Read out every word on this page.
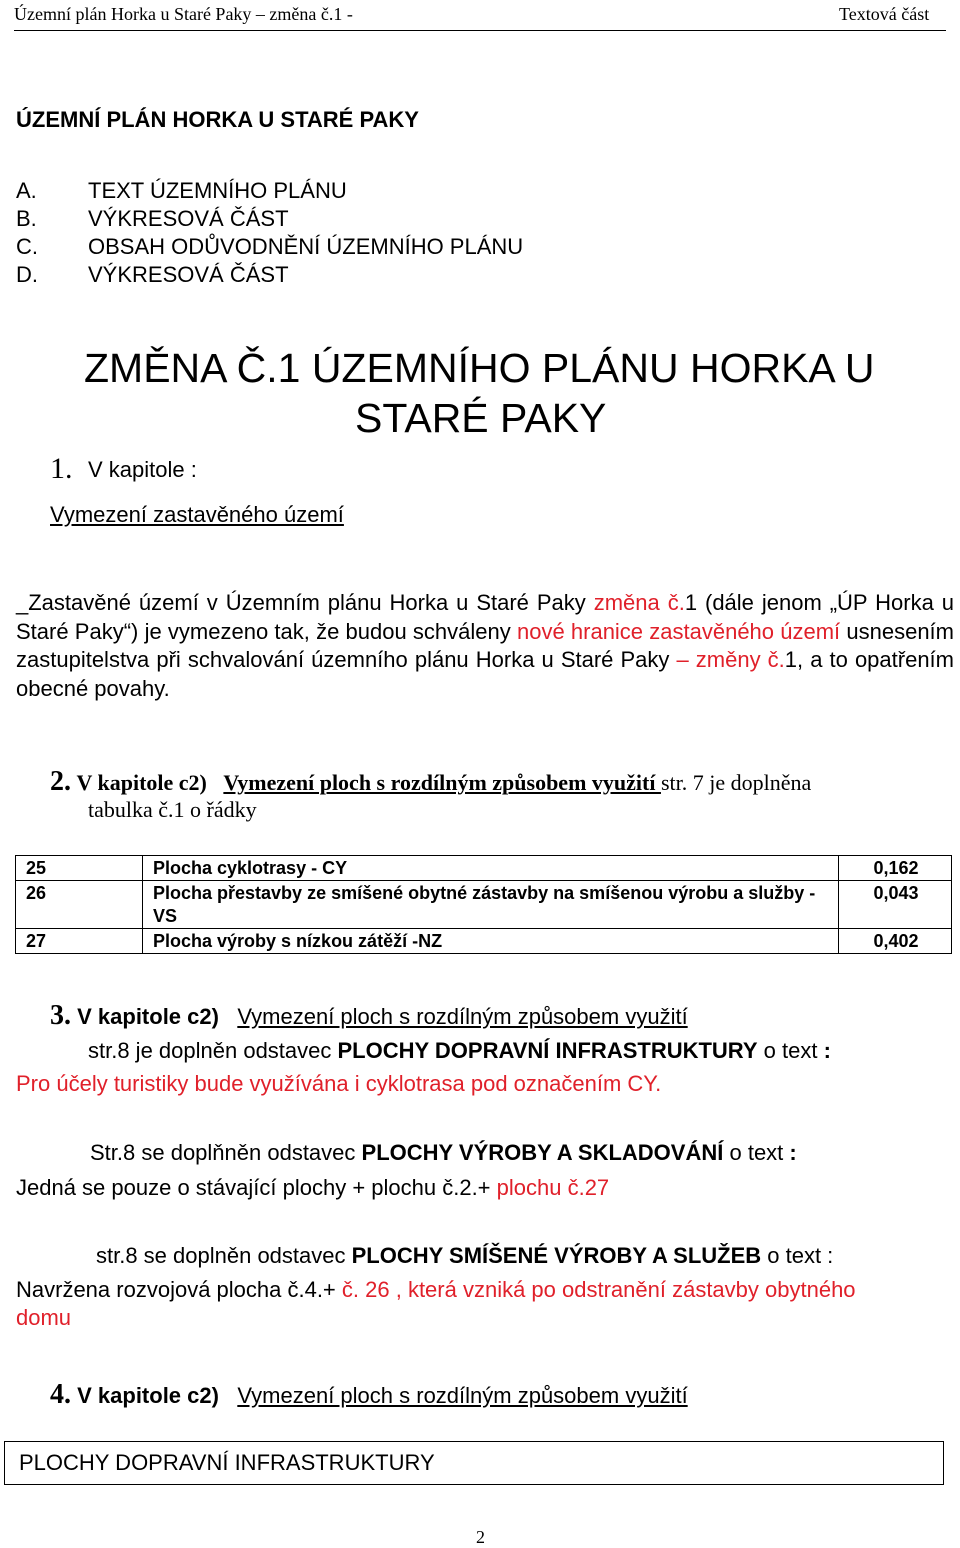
Územní plán Horka u Staré Paky – změna č.1 -	Textová část
ÚZEMNÍ PLÁN HORKA U STARÉ PAKY
A. TEXT ÚZEMNÍHO PLÁNU
B. VÝKRESOVÁ ČÁST
C. OBSAH ODŮVODNĚNÍ ÚZEMNÍHO PLÁNU
D. VÝKRESOVÁ ČÁST
ZMĚNA Č.1 ÚZEMNÍHO PLÁNU HORKA U
STARÉ PAKY
1. V kapitole :
Vymezení zastavěného území
_Zastavěné území v Územním plánu Horka u Staré Paky změna č.1 (dále jenom „ÚP Horka u Staré Paky“) je vymezeno tak, že budou schváleny nové hranice zastavěného území usnesením zastupitelstva při schvalování územního plánu Horka u Staré Paky – změny č.1, a to opatřením obecné povahy.
2. V kapitole c2) Vymezení ploch s rozdílným způsobem využití str. 7 je doplněna
tabulka č.1 o řádky
25	Plocha cyklotrasy - CY	0,162
26	Plocha přestavby ze smíšené obytné zástavby na smíšenou výrobu a služby - VS	0,043
27	Plocha výroby s nízkou zátěží -NZ	0,402
3. V kapitole c2) Vymezení ploch s rozdílným způsobem využití
str.8 je doplněn odstavec PLOCHY DOPRAVNÍ INFRASTRUKTURY o text :
Pro účely turistiky bude využívána i cyklotrasa pod označením CY.
Str.8 se doplňněn odstavec PLOCHY VÝROBY A SKLADOVÁNÍ o text :
Jedná se pouze o stávající plochy + plochu č.2.+ plochu č.27
str.8 se doplněn odstavec PLOCHY SMÍŠENÉ VÝROBY A SLUŽEB o text :
Navržena rozvojová plocha č.4.+ č. 26 , která vzniká po odstranění zástavby obytného
domu
4. V kapitole c2) Vymezení ploch s rozdílným způsobem využití
PLOCHY DOPRAVNÍ INFRASTRUKTURY
2
